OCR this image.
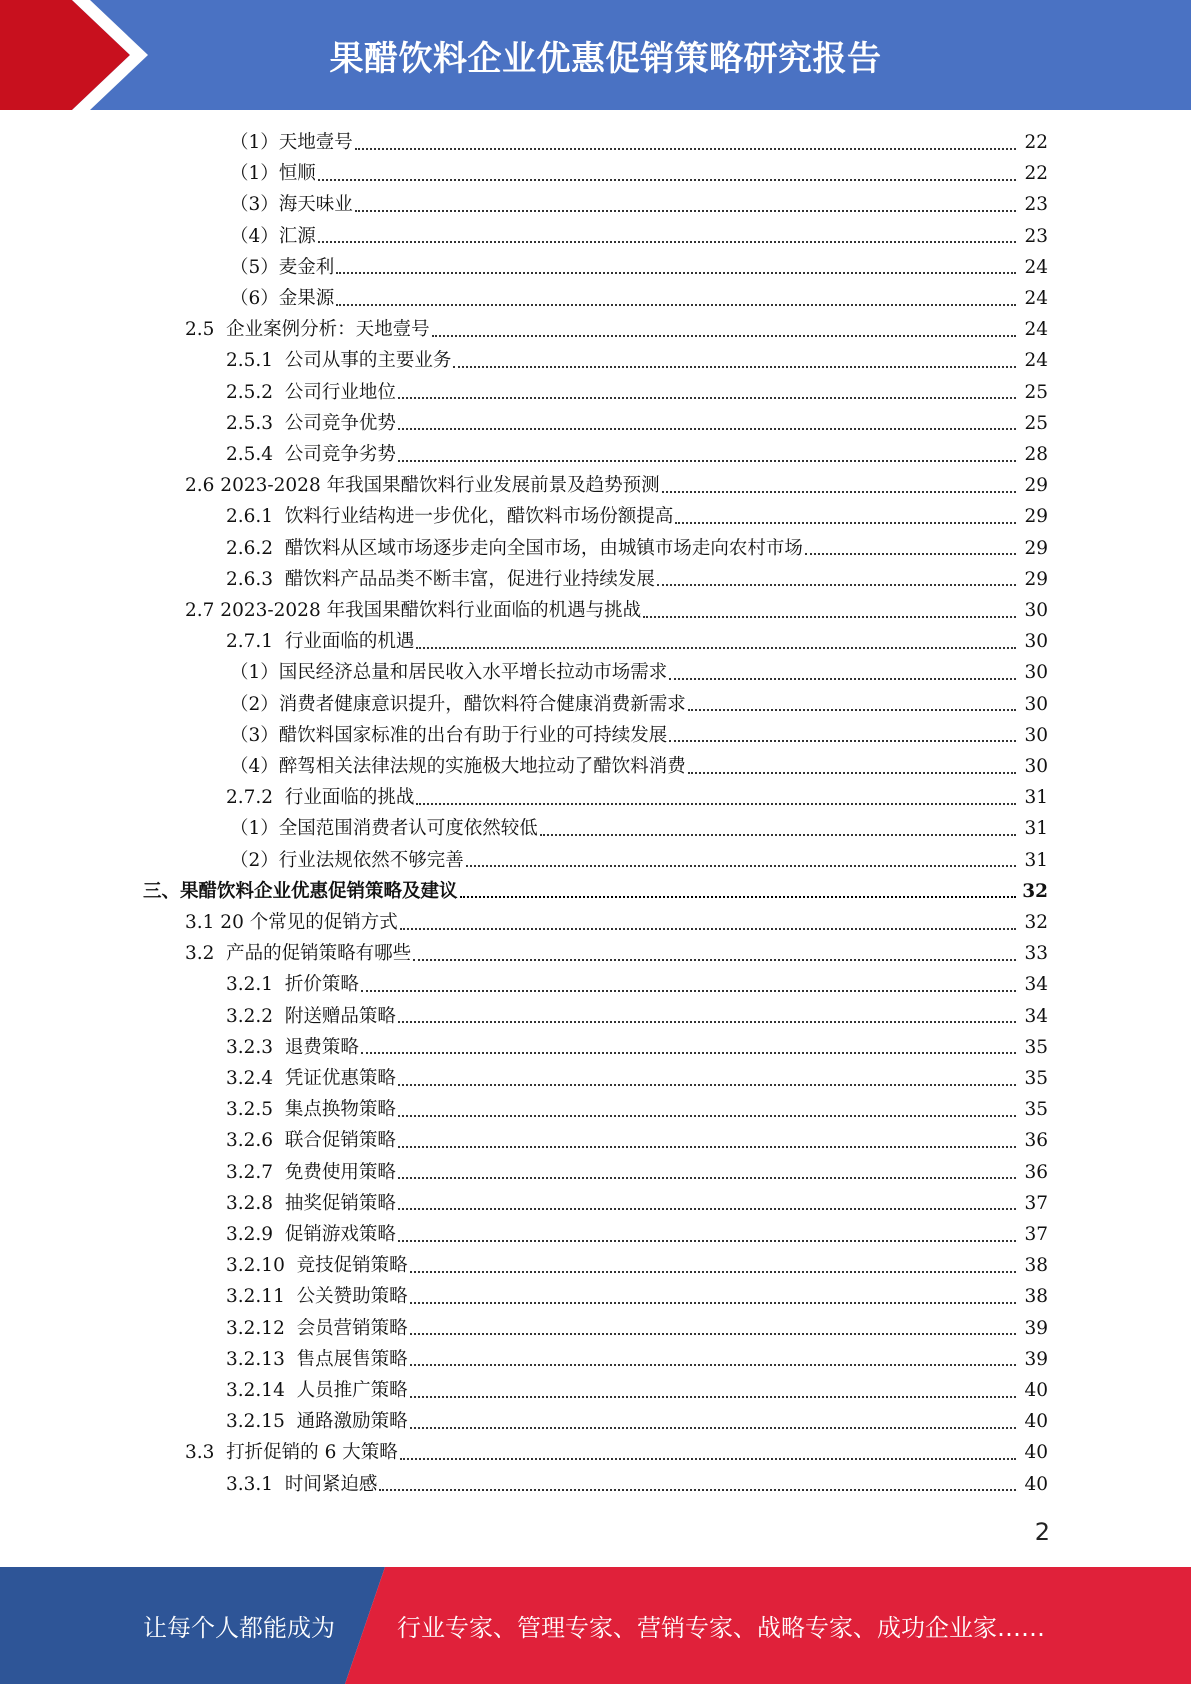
果醋饮料企业优惠促销策略研究报告
（1）天地壹号	22
（1）恒顺	22
（3）海天味业	23
（4）汇源	23
（5）麦金利	24
（6）金果源	24
2.5  企业案例分析：天地壹号	24
2.5.1  公司从事的主要业务	24
2.5.2  公司行业地位	25
2.5.3  公司竞争优势	25
2.5.4  公司竞争劣势	28
2.6 2023-2028 年我国果醋饮料行业发展前景及趋势预测	29
2.6.1  饮料行业结构进一步优化，醋饮料市场份额提高	29
2.6.2  醋饮料从区域市场逐步走向全国市场，由城镇市场走向农村市场	29
2.6.3  醋饮料产品品类不断丰富，促进行业持续发展	29
2.7 2023-2028 年我国果醋饮料行业面临的机遇与挑战	30
2.7.1  行业面临的机遇	30
（1）国民经济总量和居民收入水平增长拉动市场需求	30
（2）消费者健康意识提升，醋饮料符合健康消费新需求	30
（3）醋饮料国家标准的出台有助于行业的可持续发展	30
（4）醉驾相关法律法规的实施极大地拉动了醋饮料消费	30
2.7.2  行业面临的挑战	31
（1）全国范围消费者认可度依然较低	31
（2）行业法规依然不够完善	31
三、果醋饮料企业优惠促销策略及建议	32
3.1 20 个常见的促销方式	32
3.2  产品的促销策略有哪些	33
3.2.1  折价策略	34
3.2.2  附送赠品策略	34
3.2.3  退费策略	35
3.2.4  凭证优惠策略	35
3.2.5  集点换物策略	35
3.2.6  联合促销策略	36
3.2.7  免费使用策略	36
3.2.8  抽奖促销策略	37
3.2.9  促销游戏策略	37
3.2.10  竞技促销策略	38
3.2.11  公关赞助策略	38
3.2.12  会员营销策略	39
3.2.13  售点展售策略	39
3.2.14  人员推广策略	40
3.2.15  通路激励策略	40
3.3  打折促销的 6 大策略	40
3.3.1  时间紧迫感	40
2
让每个人都能成为	行业专家、管理专家、营销专家、战略专家、成功企业家……
